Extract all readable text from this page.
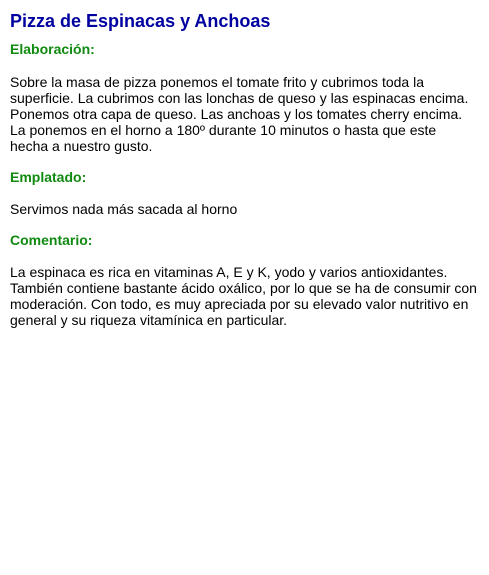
Pizza de Espinacas y Anchoas
Elaboración:

Sobre la masa de pizza ponemos el tomate frito y cubrimos toda la superficie. La cubrimos con las lonchas de queso y las espinacas encima. Ponemos otra capa de queso. Las anchoas y los tomates cherry encima. La ponemos en el horno a 180º durante 10 minutos o hasta que este hecha a nuestro gusto.

Emplatado:

Servimos nada más sacada al horno

Comentario:

La espinaca es rica en vitaminas A, E y K, yodo y varios antioxidantes. También contiene bastante ácido oxálico, por lo que se ha de consumir con moderación. Con todo, es muy apreciada por su elevado valor nutritivo en general y su riqueza vitamínica en particular.
